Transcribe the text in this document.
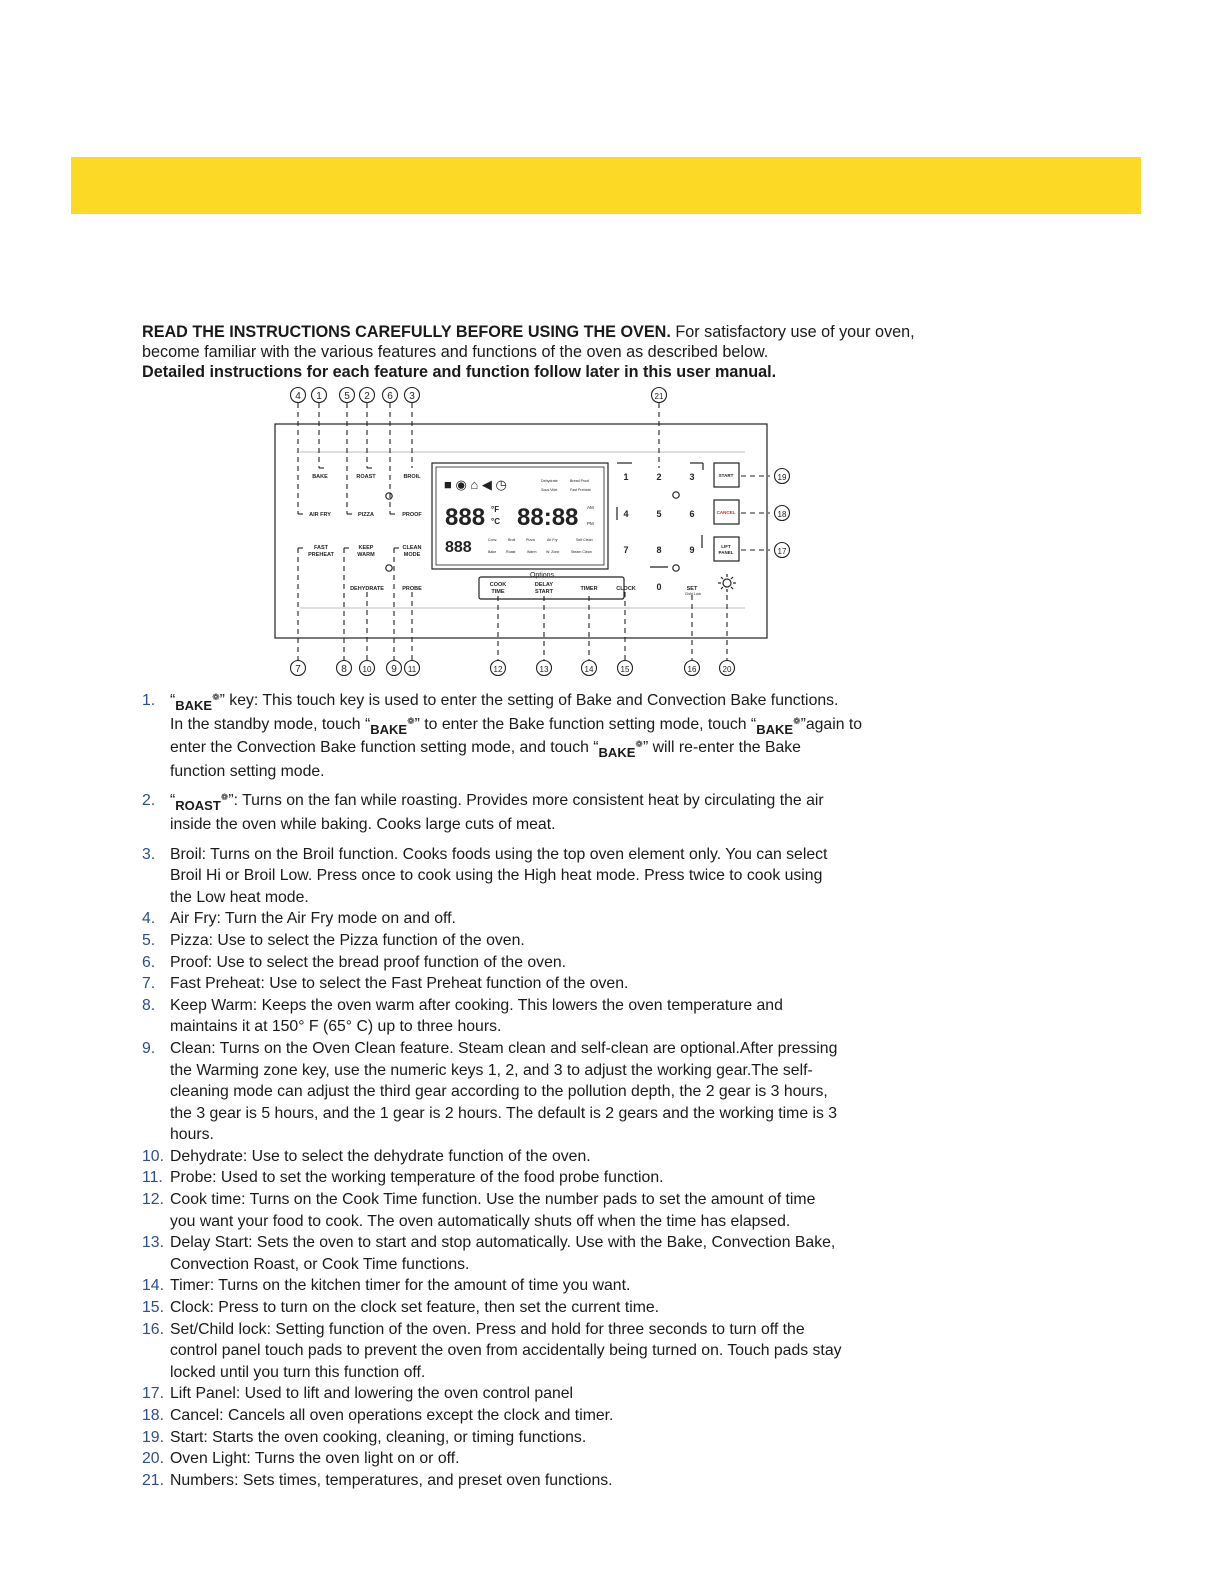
READ THE INSTRUCTIONS CAREFULLY BEFORE USING THE OVEN. For satisfactory use of your oven, become familiar with the various features and functions of the oven as described below.
Detailed instructions for each feature and function follow later in this user manual.
4 1 5 2 6 3	21
19
18
17
7	8 10 9 11	12	13	14	15	16	20
BAKE	ROAST	BROIL
AIR FRY	PIZZA	PROOF
FAST
PREHEAT
KEEP
WARM
CLEAN
MODE
DEHYDRATE	PROBE
COOK
TIME
DELAY
START	TIMER	CLOCK	SET
START
CANCEL
LIFT
PANEL
Child Lock
Options
1	2	3
4	5	6
7	8	9
0
■ ◉ ⌂ ◀ ◷
888 °F
°C 88:88 AM
PM
888
Dehydrate	Bread Proof
Sous Vide	Fast Preheat
Conv.	Broil	Pizza	Air Fry	Self Clean
Bake	Roast	Warm	W. Zone	Steam Clean
1. “$_{BAKE}^❁$” key: This touch key is used to enter the setting of Bake and Convection Bake functions.
In the standby mode, touch “$_{BAKE}^❁$” to enter the Bake function setting mode, touch “$_{BAKE}^❁”again$ to
enter the Convection Bake function setting mode, and touch “$_{BAKE}^❁$” will re-enter the Bake
function setting mode.
2. “$_{ROAST}^❁$”: Turns on the fan while roasting. Provides more consistent heat by circulating the air
inside the oven while baking. Cooks large cuts of meat.
3. Broil: Turns on the Broil function. Cooks foods using the top oven element only. You can select
Broil Hi or Broil Low. Press once to cook using the High heat mode. Press twice to cook using
the Low heat mode.
4. Air Fry: Turn the Air Fry mode on and off.
5. Pizza: Use to select the Pizza function of the oven.
6. Proof: Use to select the bread proof function of the oven.
7. Fast Preheat: Use to select the Fast Preheat function of the oven.
8. Keep Warm: Keeps the oven warm after cooking. This lowers the oven temperature and
maintains it at 150° F (65° C) up to three hours.
9. Clean: Turns on the Oven Clean feature. Steam clean and self-clean are optional.After pressing
the Warming zone key, use the numeric keys 1, 2, and 3 to adjust the working gear.The self-
cleaning mode can adjust the third gear according to the pollution depth, the 2 gear is 3 hours,
the 3 gear is 5 hours, and the 1 gear is 2 hours. The default is 2 gears and the working time is 3
hours.
10. Dehydrate: Use to select the dehydrate function of the oven.
11. Probe: Used to set the working temperature of the food probe function.
12. Cook time: Turns on the Cook Time function. Use the number pads to set the amount of time
you want your food to cook. The oven automatically shuts off when the time has elapsed.
13. Delay Start: Sets the oven to start and stop automatically. Use with the Bake, Convection Bake,
Convection Roast, or Cook Time functions.
14. Timer: Turns on the kitchen timer for the amount of time you want.
15. Clock: Press to turn on the clock set feature, then set the current time.
16. Set/Child lock: Setting function of the oven. Press and hold for three seconds to turn off the
control panel touch pads to prevent the oven from accidentally being turned on. Touch pads stay
locked until you turn this function off.
17. Lift Panel: Used to lift and lowering the oven control panel
18. Cancel: Cancels all oven operations except the clock and timer.
19. Start: Starts the oven cooking, cleaning, or timing functions.
20. Oven Light: Turns the oven light on or off.
21. Numbers: Sets times, temperatures, and preset oven functions.
